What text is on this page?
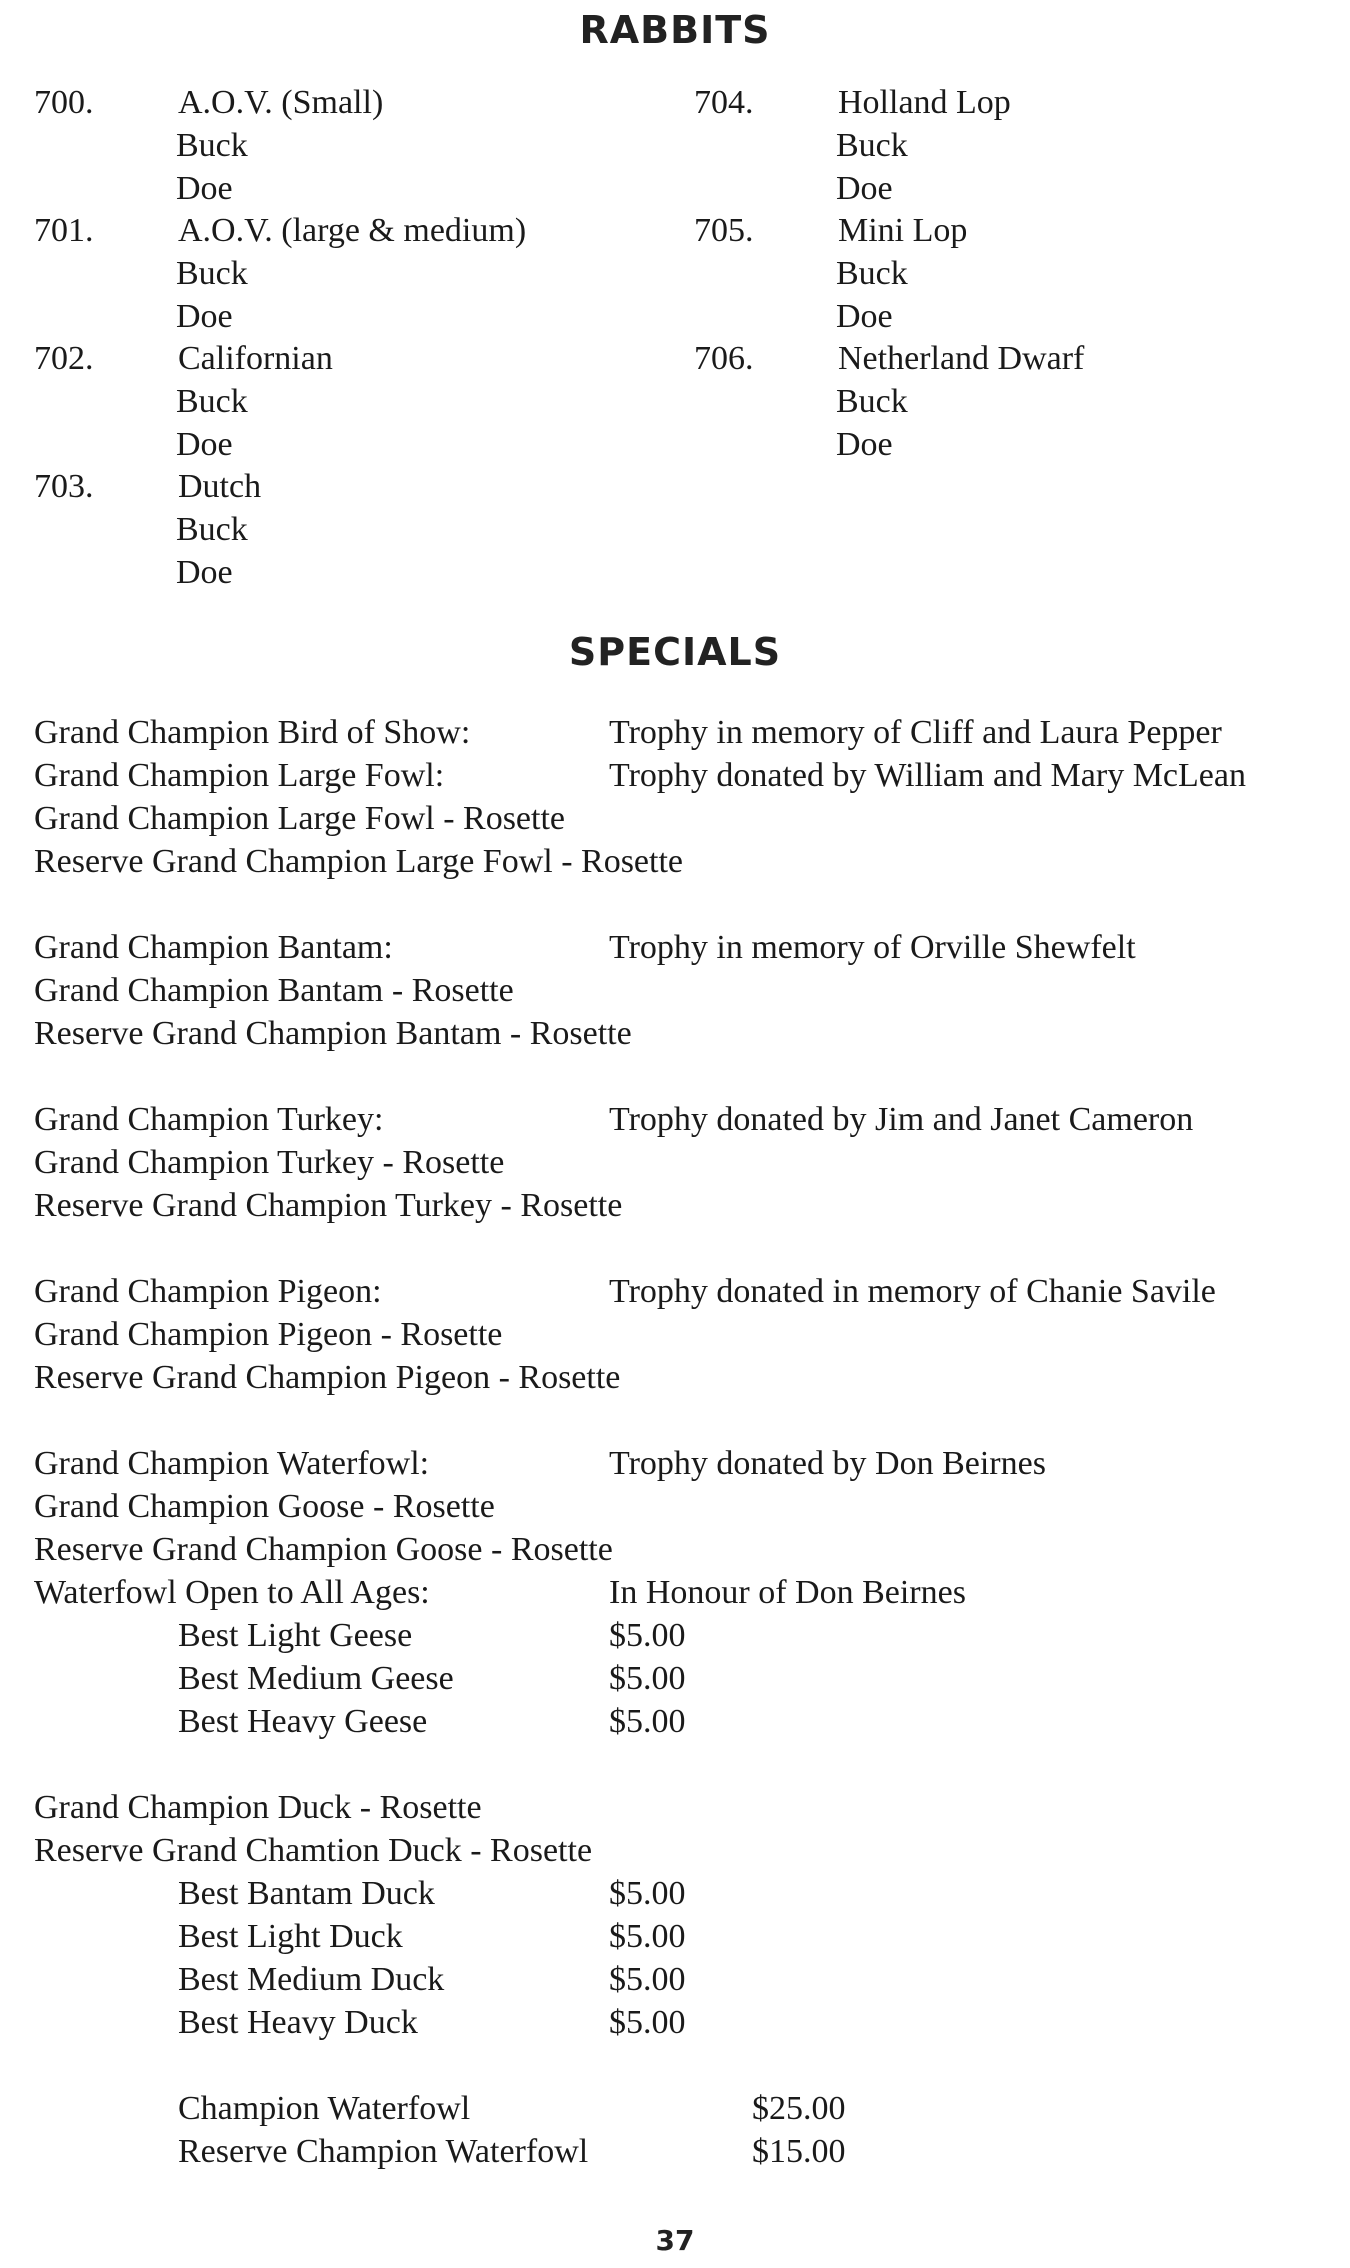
RABBITS
700. A.O.V. (Small)
Buck
Doe
701. A.O.V. (large & medium)
Buck
Doe
702. Californian
Buck
Doe
703. Dutch
Buck
Doe
704. Holland Lop
Buck
Doe
705. Mini Lop
Buck
Doe
706. Netherland Dwarf
Buck
Doe
SPECIALS
Grand Champion Bird of Show:	Trophy in memory of Cliff and Laura Pepper
Grand Champion Large Fowl:	Trophy donated by William and Mary McLean
Grand Champion Large Fowl - Rosette
Reserve Grand Champion Large Fowl - Rosette
Grand Champion Bantam:	Trophy in memory of Orville Shewfelt
Grand Champion Bantam - Rosette
Reserve Grand Champion Bantam - Rosette
Grand Champion Turkey:	Trophy donated by Jim and Janet Cameron
Grand Champion Turkey - Rosette
Reserve Grand Champion Turkey - Rosette
Grand Champion Pigeon:	Trophy donated in memory of Chanie Savile
Grand Champion Pigeon - Rosette
Reserve Grand Champion Pigeon - Rosette
Grand Champion Waterfowl:	Trophy donated by Don Beirnes
Grand Champion Goose - Rosette
Reserve Grand Champion Goose - Rosette
Waterfowl Open to All Ages:	In Honour of Don Beirnes
Best Light Geese	$5.00
Best Medium Geese	$5.00
Best Heavy Geese	$5.00
Grand Champion Duck - Rosette
Reserve Grand Chamtion Duck - Rosette
Best Bantam Duck	$5.00
Best Light Duck	$5.00
Best Medium Duck	$5.00
Best Heavy Duck	$5.00
Champion Waterfowl	$25.00
Reserve Champion Waterfowl	$15.00
37
